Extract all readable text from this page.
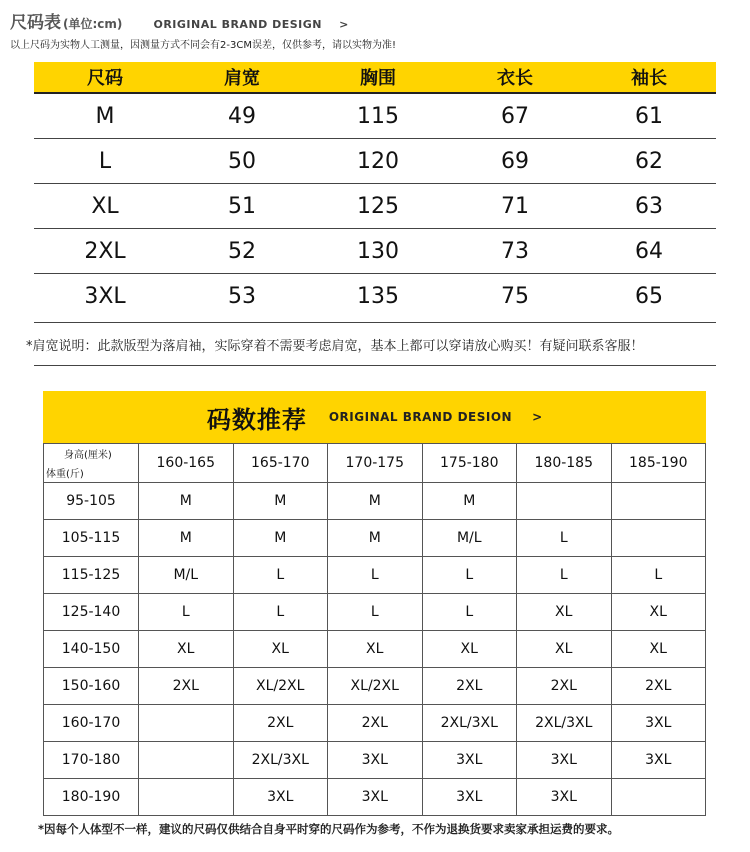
尺码表 (单位:cm)	ORIGINAL BRAND DESIGN >
以上尺码为实物人工测量，因测量方式不同会有2-3CM误差，仅供参考，请以实物为准!
尺码	肩宽	胸围	衣长	袖长
M	49	115	67	61
L	50	120	69	62
XL	51	125	71	63
2XL	52	130	73	64
3XL	53	135	75	65
*肩宽说明：此款版型为落肩袖，实际穿着不需要考虑肩宽，基本上都可以穿请放心购买！有疑问联系客服！
码数推荐 ORIGINAL BRAND DESION >
身高(厘米)
体重(斤)	160-165	165-170	170-175	175-180	180-185	185-190
95-105	M	M	M	M		
105-115	M	M	M	M/L	L	
115-125	M/L	L	L	L	L	L
125-140	L	L	L	L	XL	XL
140-150	XL	XL	XL	XL	XL	XL
150-160	2XL	XL/2XL	XL/2XL	2XL	2XL	2XL
160-170		2XL	2XL	2XL/3XL	2XL/3XL	3XL
170-180		2XL/3XL	3XL	3XL	3XL	3XL
180-190		3XL	3XL	3XL	3XL	
*因每个人体型不一样，建议的尺码仅供结合自身平时穿的尺码作为参考，不作为退换货要求卖家承担运费的要求。
